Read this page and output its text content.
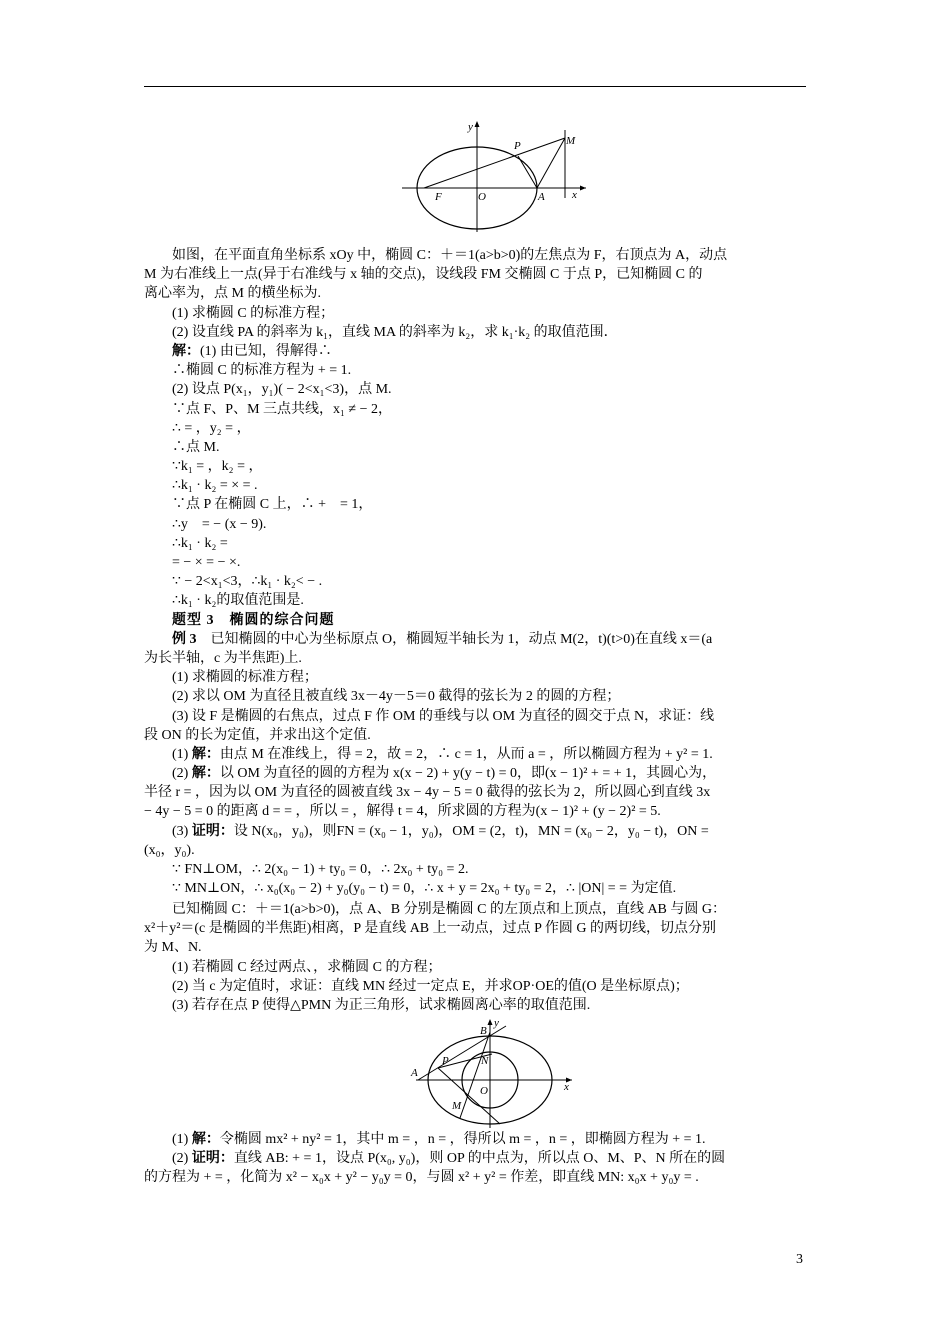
y
M
P
O
F	A x
如图，在平面直角坐标系 xOy 中，椭圆 C：＋＝1(a>b>0)的左焦点为 F，右顶点为 A，动点
M 为右准线上一点(异于右准线与 x 轴的交点)，设线段 FM 交椭圆 C 于点 P，已知椭圆 C 的
离心率为，点 M 的横坐标为.
(1) 求椭圆 C 的标准方程；
(2) 设直线 PA 的斜率为 k₁，直线 MA 的斜率为 k₂，求 k₁·k₂ 的取值范围．
解：(1) 由已知，得解得∴
∴椭圆 C 的标准方程为 + = 1.
(2) 设点 P(x₁，y₁)( − 2<x₁<3)，点 M.
∵点 F、P、M 三点共线，x₁ ≠ − 2，
∴ = ，y₂ = ，
∴点 M.
∵k₁ = ，k₂ = ，
∴k₁ · k₂ = × = .
∵点 P 在椭圆 C 上，∴ +　= 1，
∴y　= − (x − 9).
∴k₁ · k₂ =
= − × = − ×.
∵ − 2<x₁<3，∴k₁ · k₂< − .
∴k₁ · k₂的取值范围是.
题型 3　椭圆的综合问题
例 3　 已知椭圆的中心为坐标原点 O，椭圆短半轴长为 1，动点 M(2，t)(t>0)在直线 x＝(a
为长半轴，c 为半焦距)上.
(1) 求椭圆的标准方程；
(2) 求以 OM 为直径且被直线 3x－4y－5＝0 截得的弦长为 2 的圆的方程；
(3) 设 F 是椭圆的右焦点，过点 F 作 OM 的垂线与以 OM 为直径的圆交于点 N，求证：线
段 ON 的长为定值，并求出这个定值.
(1) 解：由点 M 在准线上，得 = 2，故 = 2，∴ c = 1，从而 a = ，所以椭圆方程为 + y² = 1.
(2) 解：以 OM 为直径的圆的方程为 x(x − 2) + y(y − t) = 0，即(x − 1)² + = + 1，其圆心为，
半径 r = ，因为以 OM 为直径的圆被直线 3x − 4y − 5 = 0 截得的弦长为 2，所以圆心到直线 3x
− 4y − 5 = 0 的距离 d = = ，所以 = ，解得 t = 4，所求圆的方程为(x − 1)² + (y − 2)² = 5.
(3) 证明：设 N(x₀，y₀)，则FN = (x₀ − 1，y₀)，OM = (2，t)，MN = (x₀ − 2，y₀ − t)，ON =
(x₀，y₀).
∵ FN⊥OM，∴ 2(x₀ − 1) + ty₀ = 0，∴ 2x₀ + ty₀ = 2.
∵ MN⊥ON，∴ x₀(x₀ − 2) + y₀(y₀ − t) = 0，∴ x + y = 2x₀ + ty₀ = 2，∴ |ON| = = 为定值.
已知椭圆 C：＋＝1(a>b>0)，点 A、B 分别是椭圆 C 的左顶点和上顶点，直线 AB 与圆 G：
x²＋y²＝(c 是椭圆的半焦距)相离，P 是直线 AB 上一动点，过点 P 作圆 G 的两切线，切点分别
为 M、N.
(1) 若椭圆 C 经过两点、，求椭圆 C 的方程；
(2) 当 c 为定值时，求证：直线 MN 经过一定点 E，并求OP·OE的值(O 是坐标原点)；
(3) 若存在点 P 使得△PMN 为正三角形，试求椭圆离心率的取值范围.
B
y
P	N
A
O
M
x
(1) 解：令椭圆 mx² + ny² = 1，其中 m = ，n = ，得所以 m = ，n = ，即椭圆方程为 + = 1.
(2) 证明：直线 AB: + = 1，设点 P(x₀, y₀)，则 OP 的中点为，所以点 O、M、P、N 所在的圆
的方程为 + = ，化简为 x² − x₀x + y² − y₀y = 0，与圆 x² + y² = 作差，即直线 MN: x₀x + y₀y = .
3
